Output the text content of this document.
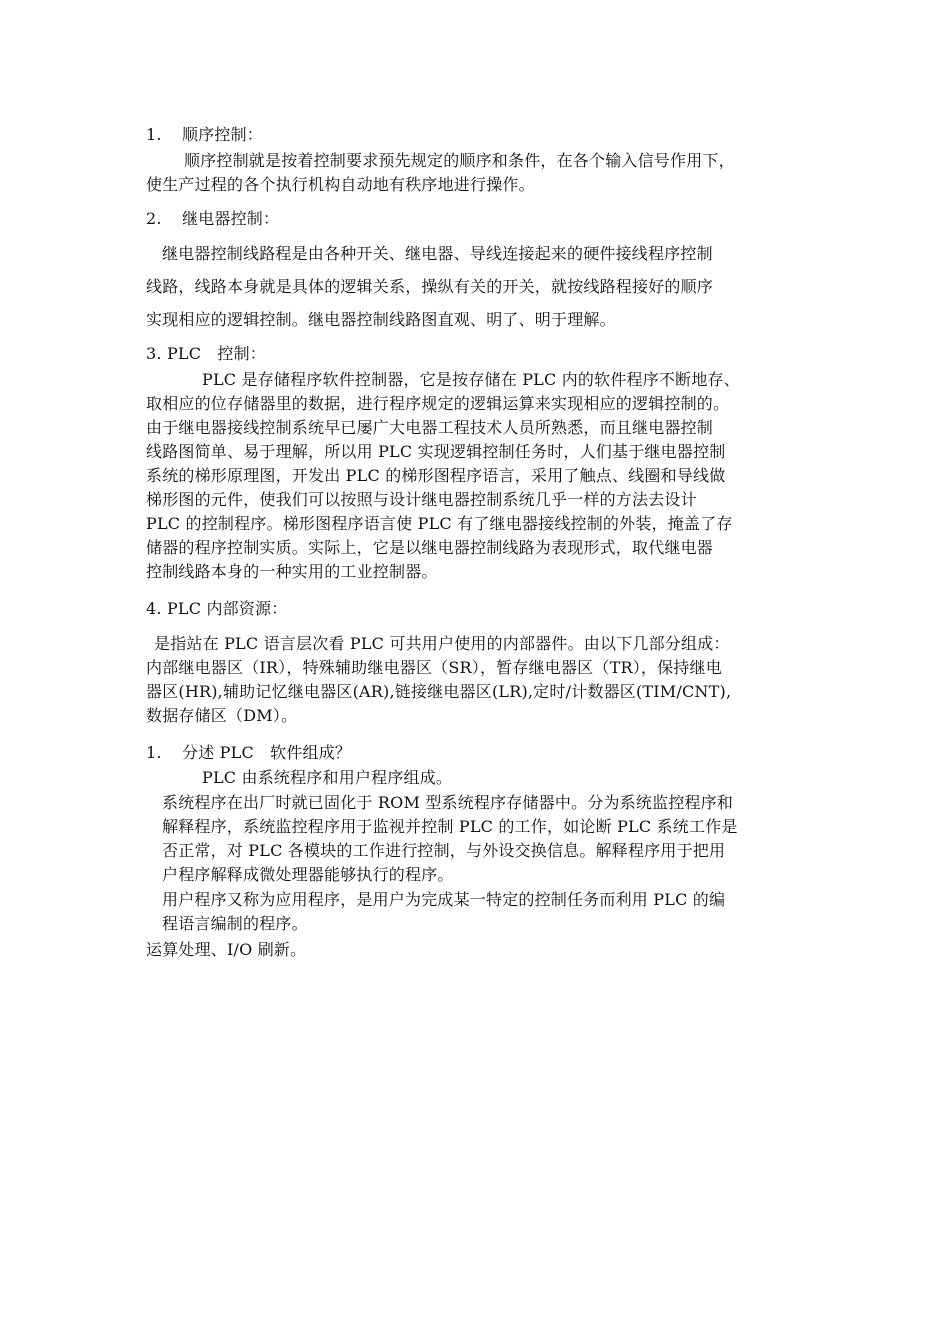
1. 顺序控制：
顺序控制就是按着控制要求预先规定的顺序和条件，在各个输入信号作用下，
使生产过程的各个执行机构自动地有秩序地进行操作。
2. 继电器控制：
继电器控制线路程是由各种开关、继电器、导线连接起来的硬件接线程序控制
线路，线路本身就是具体的逻辑关系，操纵有关的开关，就按线路程接好的顺序
实现相应的逻辑控制。继电器控制线路图直观、明了、明于理解。
3. PLC　控制：
PLC 是存储程序软件控制器，它是按存储在 PLC 内的软件程序不断地存、
取相应的位存储器里的数据，进行程序规定的逻辑运算来实现相应的逻辑控制的。
由于继电器接线控制系统早已屡广大电器工程技术人员所熟悉，而且继电器控制
线路图简单、易于理解，所以用 PLC 实现逻辑控制任务时，人们基于继电器控制
系统的梯形原理图，开发出 PLC 的梯形图程序语言，采用了触点、线圈和导线做
梯形图的元件，使我们可以按照与设计继电器控制系统几乎一样的方法去设计
PLC 的控制程序。梯形图程序语言使 PLC 有了继电器接线控制的外装，掩盖了存
储器的程序控制实质。实际上，它是以继电器控制线路为表现形式，取代继电器
控制线路本身的一种实用的工业控制器。
4. PLC 内部资源：
是指站在 PLC 语言层次看 PLC 可共用户使用的内部器件。由以下几部分组成：
内部继电器区（IR），特殊辅助继电器区（SR），暂存继电器区（TR），保持继电
器区(HR),辅助记忆继电器区(AR),链接继电器区(LR),定时/计数器区(TIM/CNT),
数据存储区（DM）。
1. 分述 PLC　软件组成？
PLC 由系统程序和用户程序组成。
系统程序在出厂时就已固化于 ROM 型系统程序存储器中。分为系统监控程序和
解释程序，系统监控程序用于监视并控制 PLC 的工作，如论断 PLC 系统工作是
否正常，对 PLC 各模块的工作进行控制，与外设交换信息。解释程序用于把用
户程序解释成微处理器能够执行的程序。
用户程序又称为应用程序，是用户为完成某一特定的控制任务而利用 PLC 的编
程语言编制的程序。
运算处理、I/O 刷新。
